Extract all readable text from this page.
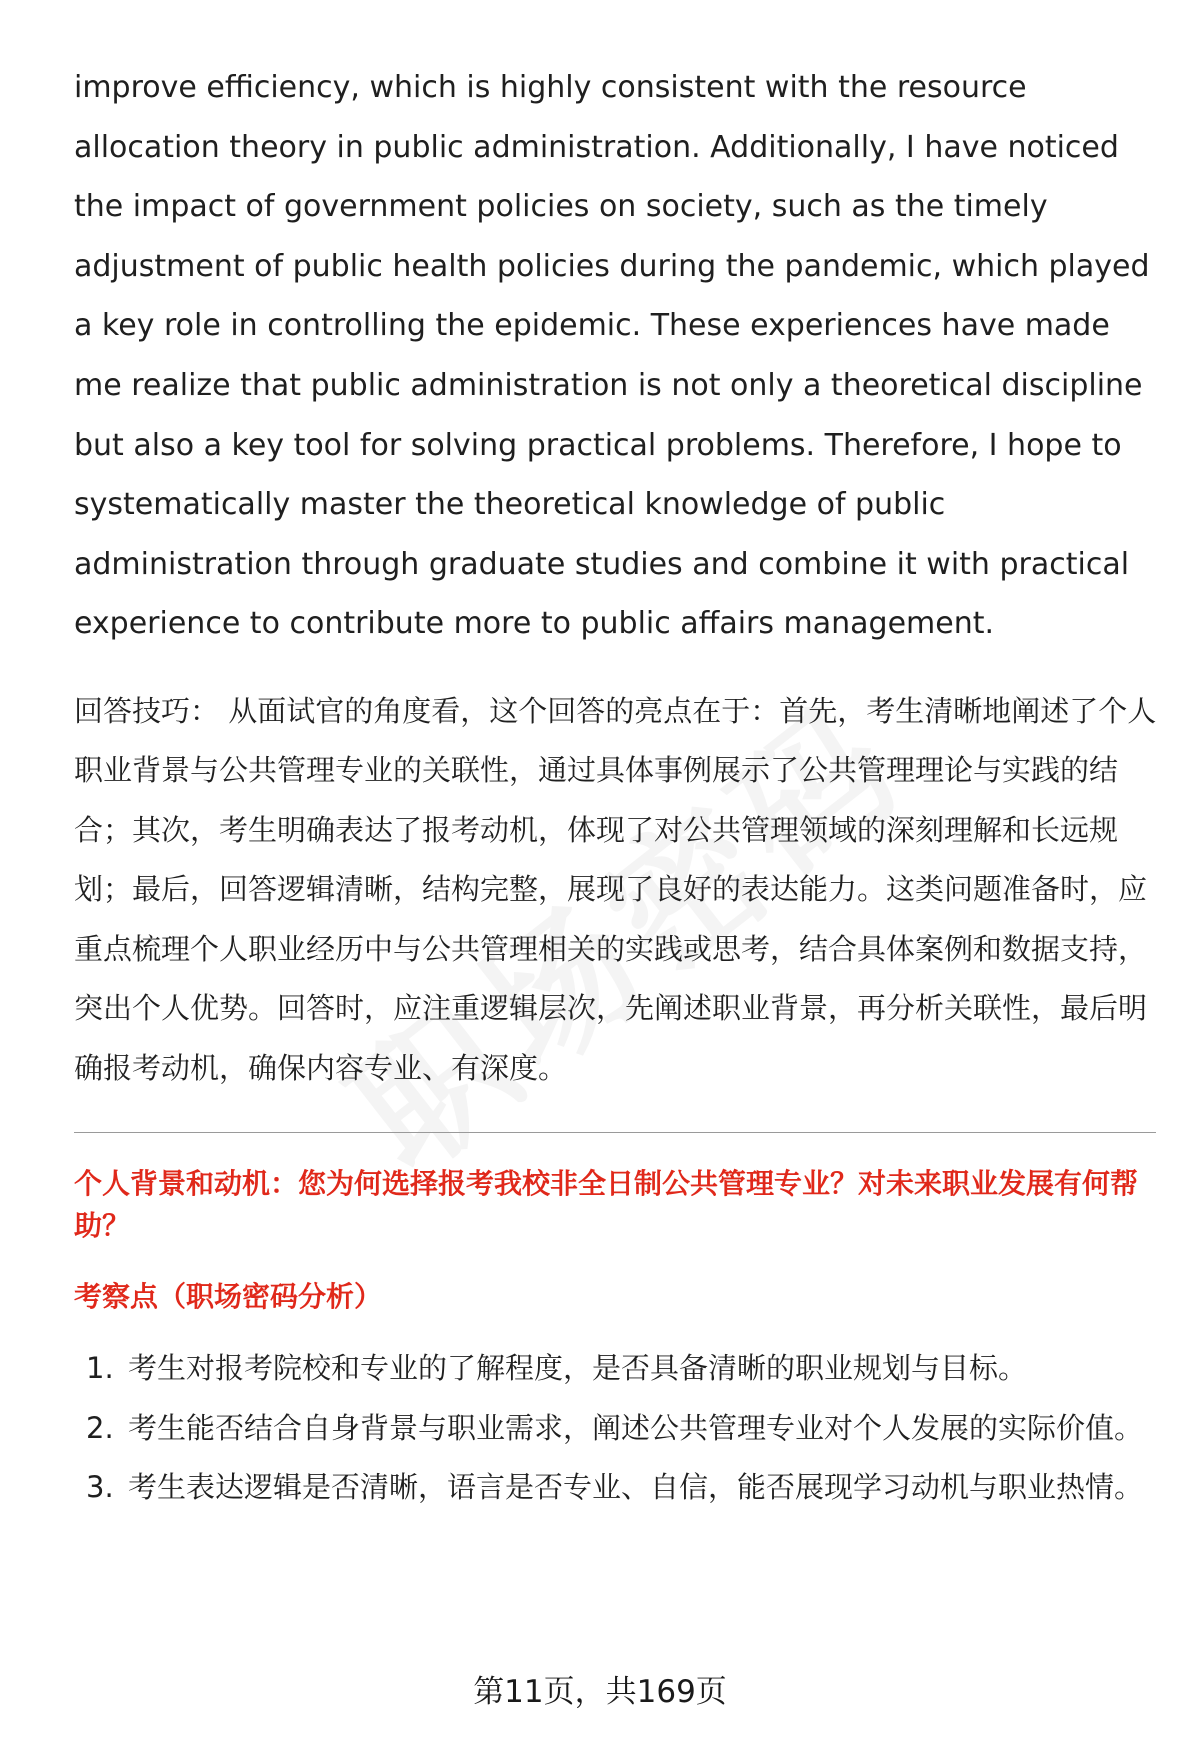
improve efficiency, which is highly consistent with the resource allocation theory in public administration. Additionally, I have noticed the impact of government policies on society, such as the timely adjustment of public health policies during the pandemic, which played a key role in controlling the epidemic. These experiences have made me realize that public administration is not only a theoretical discipline but also a key tool for solving practical problems. Therefore, I hope to systematically master the theoretical knowledge of public administration through graduate studies and combine it with practical experience to contribute more to public affairs management.

回答技巧： 从面试官的角度看，这个回答的亮点在于：首先，考生清晰地阐述了个人职业背景与公共管理专业的关联性，通过具体事例展示了公共管理理论与实践的结合；其次，考生明确表达了报考动机，体现了对公共管理领域的深刻理解和长远规划；最后，回答逻辑清晰，结构完整，展现了良好的表达能力。这类问题准备时，应重点梳理个人职业经历中与公共管理相关的实践或思考，结合具体案例和数据支持，突出个人优势。回答时，应注重逻辑层次，先阐述职业背景，再分析关联性，最后明确报考动机，确保内容专业、有深度。

个人背景和动机：您为何选择报考我校非全日制公共管理专业？对未来职业发展有何帮助？
考察点（职场密码分析）
1. 考生对报考院校和专业的了解程度，是否具备清晰的职业规划与目标。
2. 考生能否结合自身背景与职业需求，阐述公共管理专业对个人发展的实际价值。
3. 考生表达逻辑是否清晰，语言是否专业、自信，能否展现学习动机与职业热情。
第11页，共169页
